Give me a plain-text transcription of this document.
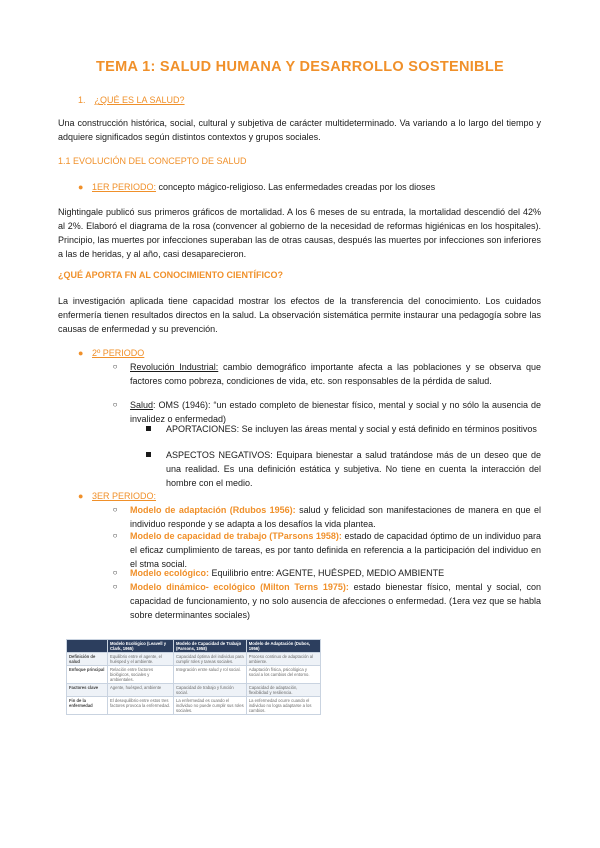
TEMA 1: SALUD HUMANA Y DESARROLLO SOSTENIBLE
1. ¿QUÉ ES LA SALUD?
Una construcción histórica, social, cultural y subjetiva de carácter multideterminado. Va variando a lo largo del tiempo y adquiere significados según distintos contextos y grupos sociales.
1.1 EVOLUCIÓN DEL CONCEPTO DE SALUD
● 1ER PERIODO: concepto mágico-religioso. Las enfermedades creadas por los dioses
Nightingale publicó sus primeros gráficos de mortalidad. A los 6 meses de su entrada, la mortalidad descendió del 42% al 2%. Elaboró el diagrama de la rosa (convencer al gobierno de la necesidad de reformas higiénicas en los hospitales). Principio, las muertes por infecciones superaban las de otras causas, después las muertes por infecciones son inferiores a las de heridas, y al año, casi desaparecieron.
¿QUÉ APORTA FN AL CONOCIMIENTO CIENTÍFICO?
La investigación aplicada tiene capacidad mostrar los efectos de la transferencia del conocimiento. Los cuidados enfermería tienen resultados directos en la salud. La observación sistemática permite instaurar una pedagogía sobre las causas de enfermedad y su prevención.
● 2º PERIODO
○ Revolución Industrial: cambio demográfico importante afecta a las poblaciones y se observa que factores como pobreza, condiciones de vida, etc. son responsables de la pérdida de salud.
○ Salud: OMS (1946): “un estado completo de bienestar físico, mental y social y no sólo la ausencia de invalidez o enfermedad)
APORTACIONES: Se incluyen las áreas mental y social y está definido en términos positivos
ASPECTOS NEGATIVOS: Equipara bienestar a salud tratándose más de un deseo que de una realidad. Es una definición estática y subjetiva. No tiene en cuenta la interacción del hombre con el medio.
● 3ER PERIODO:
○ Modelo de adaptación (Rdubos 1956): salud y felicidad son manifestaciones de manera en que el individuo responde y se adapta a los desafíos la vida plantea.
○ Modelo de capacidad de trabajo (TParsons 1958): estado de capacidad óptimo de un individuo para el eficaz cumplimiento de tareas, es por tanto definida en referencia a la participación del individuo en el stma social.
○ Modelo ecológico: Equilibrio entre: AGENTE, HUÉSPED, MEDIO AMBIENTE
○ Modelo dinámico- ecológico (Milton Terns 1975): estado bienestar físico, mental y social, con capacidad de funcionamiento, y no solo ausencia de afecciones o enfermedad. (1era vez que se habla sobre determinantes sociales)
	Modelo Ecológico (Leavell y Clark, 1965)	Modelo de Capacidad de Trabajo (Parsons, 1958)	Modelo de Adaptación (Dubos, 1956)
Definición de salud	Equilibrio entre el agente, el huésped y el ambiente.	Capacidad óptima del individuo para cumplir roles y tareas sociales.	Proceso continuo de adaptación al ambiente.
Enfoque principal	Relación entre factores biológicos, sociales y ambientales.	Integración entre salud y rol social.	Adaptación física, psicológica y social a los cambios del entorno.
Factores clave	Agente, huésped, ambiente	Capacidad de trabajo y función social.	Capacidad de adaptación, flexibilidad y resiliencia.
Fin de la enfermedad	El desequilibrio entre estos tres factores provoca la enfermedad.	La enfermedad es cuando el individuo no puede cumplir sus roles sociales.	La enfermedad ocurre cuando el individuo no logra adaptarse a los cambios.
